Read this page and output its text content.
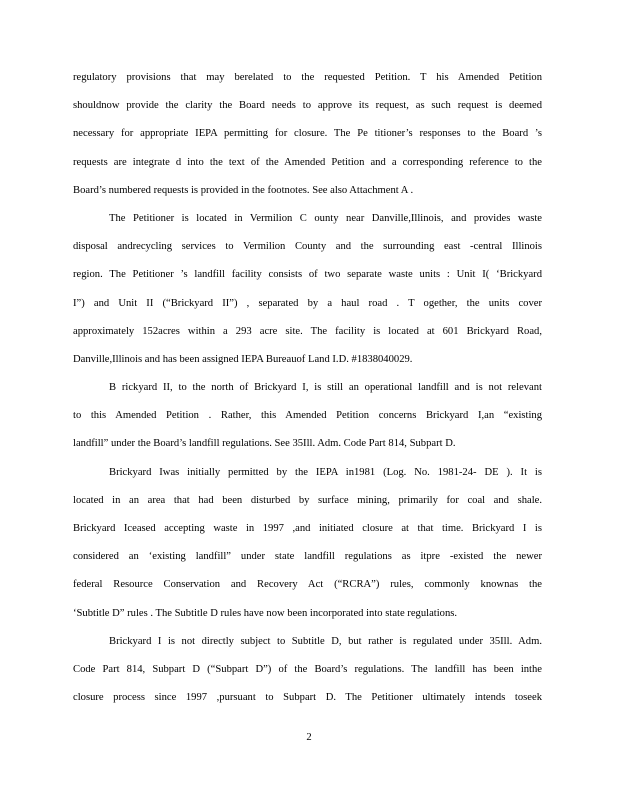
regulatory provisions that may berelated to the requested Petition. T his Amended Petition
shouldnow provide the clarity the Board needs to approve its request, as such request is deemed
necessary for appropriate IEPA permitting for closure. The Pe titioner’s responses to the Board ’s
requests are integrate d into the text of the Amended Petition and a corresponding reference to the
Board’s numbered requests is provided in the footnotes. See also Attachment A .
The Petitioner is located in Vermilion C ounty near Danville,Illinois, and provides waste
disposal andrecycling services to Vermilion County and the surrounding east -central Illinois
region. The Petitioner ’s landfill facility consists of two separate waste units : Unit I( ‘Brickyard
I”) and Unit II (“Brickyard II”) , separated by a haul road . T ogether, the units cover
approximately 152acres within a 293 acre site. The facility is located at 601 Brickyard Road,
Danville,Illinois and has been assigned IEPA Bureauof Land I.D. #1838040029.
B rickyard II, to the north of Brickyard I, is still an operational landfill and is not relevant
to this Amended Petition . Rather, this Amended Petition concerns Brickyard I,an “existing
landfill” under the Board’s landfill regulations. See 35Ill. Adm. Code Part 814, Subpart D.
Brickyard Iwas initially permitted by the IEPA in1981 (Log. No. 1981-24- DE ). It is
located in an area that had been disturbed by surface mining, primarily for coal and shale.
Brickyard Iceased accepting waste in 1997 ,and initiated closure at that time. Brickyard I is
considered an ‘existing landfill” under state landfill regulations as itpre -existed the newer
federal Resource Conservation and Recovery Act (“RCRA”) rules, commonly knownas the
‘Subtitle D” rules . The Subtitle D rules have now been incorporated into state regulations.
Brickyard I is not directly subject to Subtitle D, but rather is regulated under 35Ill. Adm.
Code Part 814, Subpart D (“Subpart D”) of the Board’s regulations. The landfill has been inthe
closure process since 1997 ,pursuant to Subpart D. The Petitioner ultimately intends toseek
2
